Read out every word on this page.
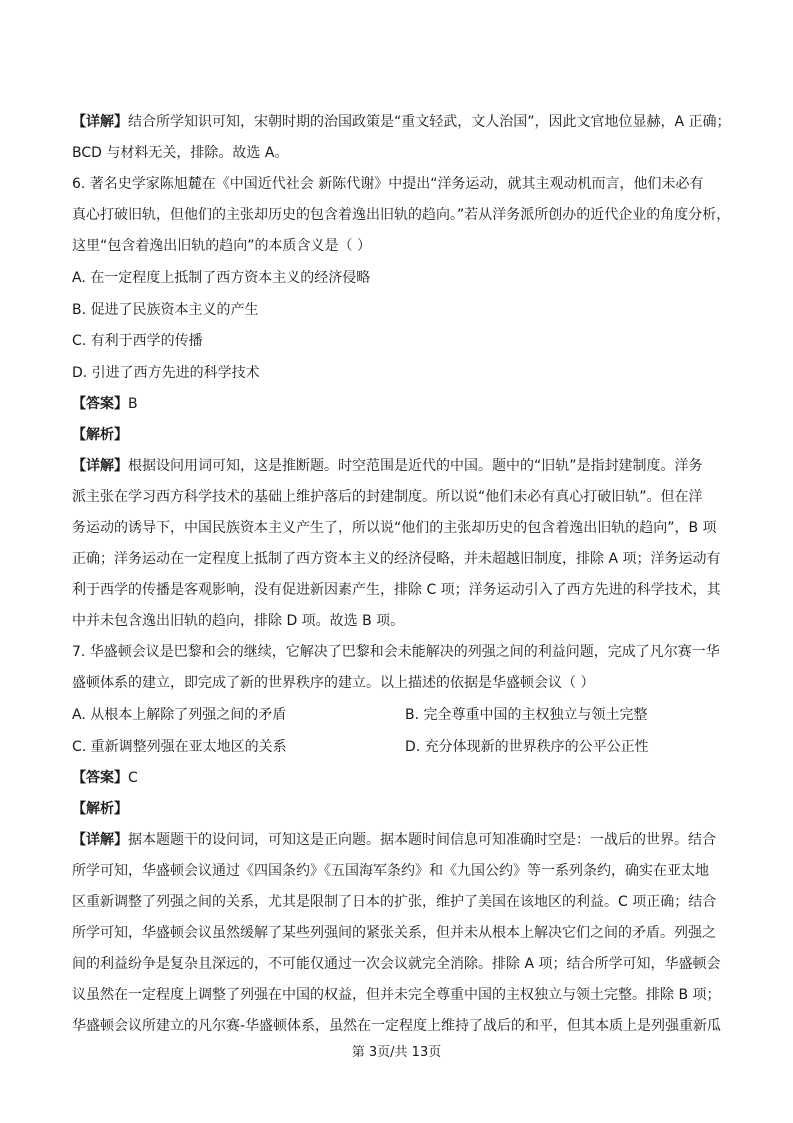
【详解】结合所学知识可知，宋朝时期的治国政策是“重文轻武，文人治国”，因此文官地位显赫，A 正确；
BCD 与材料无关，排除。故选 A。
6. 著名史学家陈旭麓在《中国近代社会 新陈代谢》中提出“洋务运动，就其主观动机而言，他们未必有
真心打破旧轨，但他们的主张却历史的包含着逸出旧轨的趋向。”若从洋务派所创办的近代企业的角度分析，
这里“包含着逸出旧轨的趋向”的本质含义是（ ）
A. 在一定程度上抵制了西方资本主义的经济侵略
B. 促进了民族资本主义的产生
C. 有利于西学的传播
D. 引进了西方先进的科学技术
【答案】B
【解析】
【详解】根据设问用词可知，这是推断题。时空范围是近代的中国。题中的“旧轨”是指封建制度。洋务
派主张在学习西方科学技术的基础上维护落后的封建制度。所以说“他们未必有真心打破旧轨”。但在洋
务运动的诱导下，中国民族资本主义产生了，所以说“他们的主张却历史的包含着逸出旧轨的趋向”，B 项
正确；洋务运动在一定程度上抵制了西方资本主义的经济侵略，并未超越旧制度，排除 A 项；洋务运动有
利于西学的传播是客观影响，没有促进新因素产生，排除 C 项；洋务运动引入了西方先进的科学技术，其
中并未包含逸出旧轨的趋向，排除 D 项。故选 B 项。
7. 华盛顿会议是巴黎和会的继续，它解决了巴黎和会未能解决的列强之间的利益问题，完成了凡尔赛一华
盛顿体系的建立，即完成了新的世界秩序的建立。以上描述的依据是华盛顿会议（ ）
A. 从根本上解除了列强之间的矛盾	B. 完全尊重中国的主权独立与领土完整
C. 重新调整列强在亚太地区的关系	D. 充分体现新的世界秩序的公平公正性
【答案】C
【解析】
【详解】据本题题干的设问词，可知这是正向题。据本题时间信息可知准确时空是：一战后的世界。结合
所学可知，华盛顿会议通过《四国条约》《五国海军条约》和《九国公约》等一系列条约，确实在亚太地
区重新调整了列强之间的关系，尤其是限制了日本的扩张，维护了美国在该地区的利益。C 项正确；结合
所学可知，华盛顿会议虽然缓解了某些列强间的紧张关系，但并未从根本上解决它们之间的矛盾。列强之
间的利益纷争是复杂且深远的，不可能仅通过一次会议就完全消除。排除 A 项；结合所学可知，华盛顿会
议虽然在一定程度上调整了列强在中国的权益，但并未完全尊重中国的主权独立与领土完整。排除 B 项；
华盛顿会议所建立的凡尔赛-华盛顿体系，虽然在一定程度上维持了战后的和平，但其本质上是列强重新瓜
第 3页/共 13页
